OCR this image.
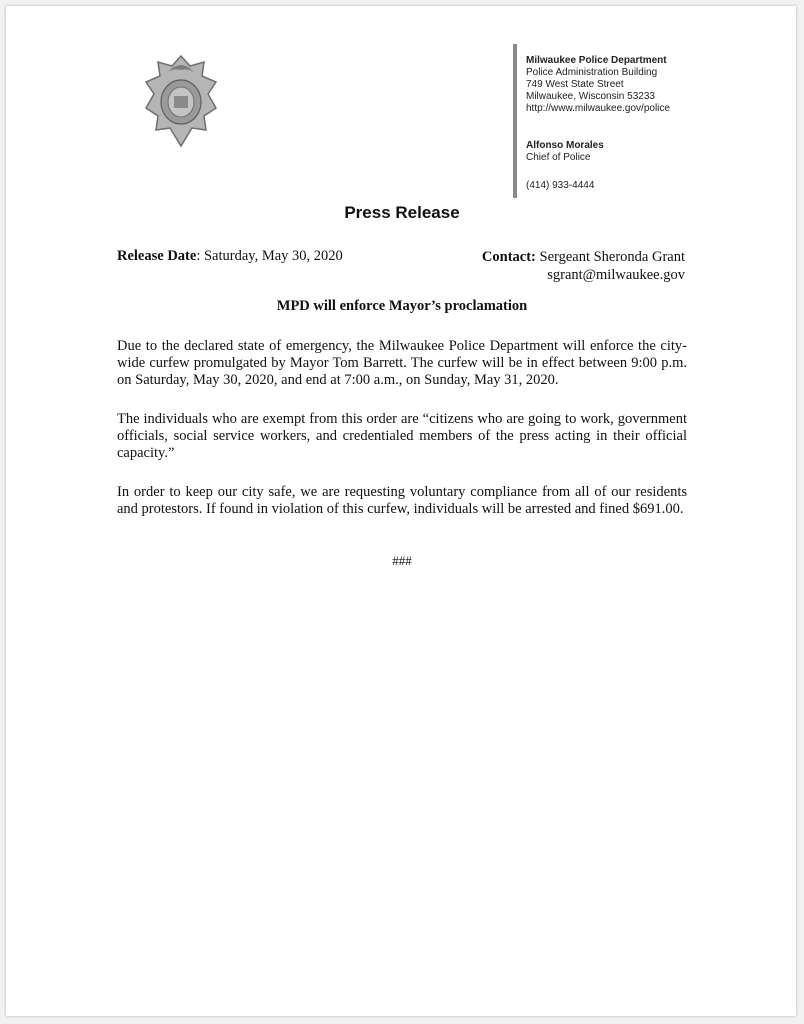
Milwaukee Police Department
Police Administration Building
749 West State Street
Milwaukee, Wisconsin 53233
http://www.milwaukee.gov/police
Alfonso Morales
Chief of Police
(414) 933-4444
Press Release
Release Date: Saturday, May 30, 2020	Contact: Sergeant Sheronda Grant
sgrant@milwaukee.gov
MPD will enforce Mayor’s proclamation

Due to the declared state of emergency, the Milwaukee Police Department will enforce the city-wide curfew promulgated by Mayor Tom Barrett. The curfew will be in effect between 9:00 p.m. on Saturday, May 30, 2020, and end at 7:00 a.m., on Sunday, May 31, 2020.

The individuals who are exempt from this order are “citizens who are going to work, government officials, social service workers, and credentialed members of the press acting in their official capacity.”

In order to keep our city safe, we are requesting voluntary compliance from all of our residents and protestors. If found in violation of this curfew, individuals will be arrested and fined $691.00.

###
